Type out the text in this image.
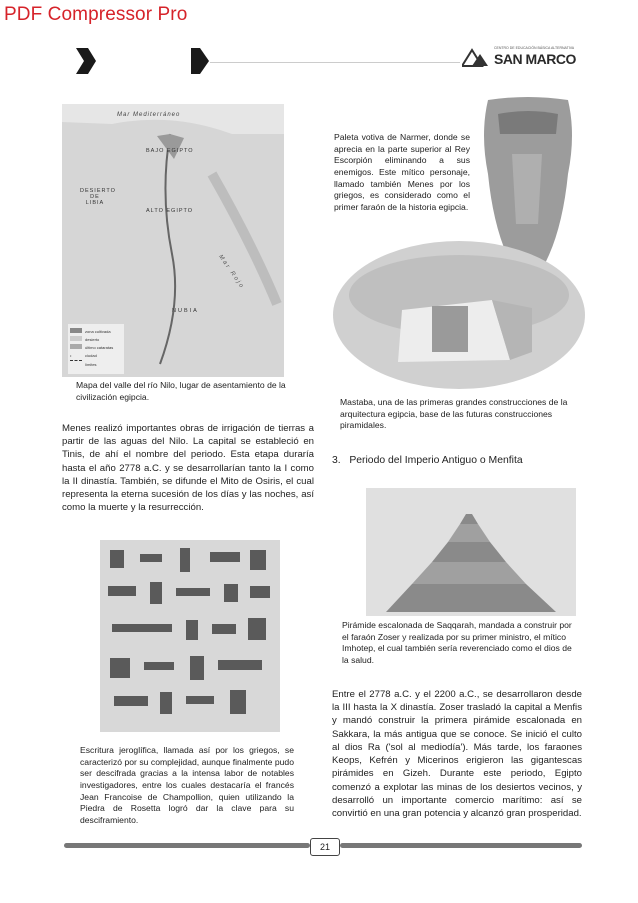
PDF Compressor Pro
CENTRO DE EDUCACIÓN BÁSICA ALTERNATIVA
SAN MARCO
Mar Mediterráneo
BAJO EGIPTO
DESIERTO DE LIBIA
ALTO EGIPTO
Mar Rojo
NUBIA
zona cultivada
desierto
último cataratas
•	ciudad
límites
Mapa del valle del río Nilo, lugar de asentamiento de la civilización egipcia.
Paleta votiva de Narmer, donde se aprecia en la parte superior al Rey Escorpión eliminando a sus enemigos. Este mítico personaje, llamado también Menes por los griegos, es considerado como el primer faraón de la historia egipcia.
Mastaba, una de las primeras grandes construcciones de la arquitectura egipcia, base de las futuras construcciones piramidales.
Menes realizó importantes obras de irrigación de tierras a partir de las aguas del Nilo. La capital se estableció en Tinis, de ahí el nombre del periodo. Esta etapa duraría hasta el año 2778 a.C. y se desarrollarían tanto la I como la II dinastía. También, se difunde el Mito de Osiris, el cual representa la eterna sucesión de los días y las noches, así como la muerte y la resurrección.
3.   Periodo del Imperio Antiguo o Menfita
Pirámide escalonada de Saqqarah, mandada a construir por el faraón Zoser y realizada por su primer ministro, el mítico Imhotep, el cual también sería reverenciado como el dios de la salud.
Escritura jeroglífica, llamada así por los griegos, se caracterizó por su complejidad, aunque finalmente pudo ser descifrada gracias a la intensa labor de notables investigadores, entre los cuales destacaría el francés Jean Francoise de Champollion, quien utilizando la Piedra de Rosetta logró dar la clave para su desciframiento.
Entre el 2778 a.C. y el 2200 a.C., se desarrollaron desde la III hasta la X dinastía. Zoser trasladó la capital a Menfis y mandó construir la primera pirámide escalonada en Sakkara, la más antigua que se conoce. Se inició el culto al dios Ra ('sol al mediodía'). Más tarde, los faraones Keops, Kefrén y Micerinos erigieron las gigantescas pirámides en Gizeh. Durante este periodo, Egipto comenzó a explotar las minas de los desiertos vecinos, y desarrolló un importante comercio marítimo: así se convirtió en una gran potencia y alcanzó gran prosperidad.
21
